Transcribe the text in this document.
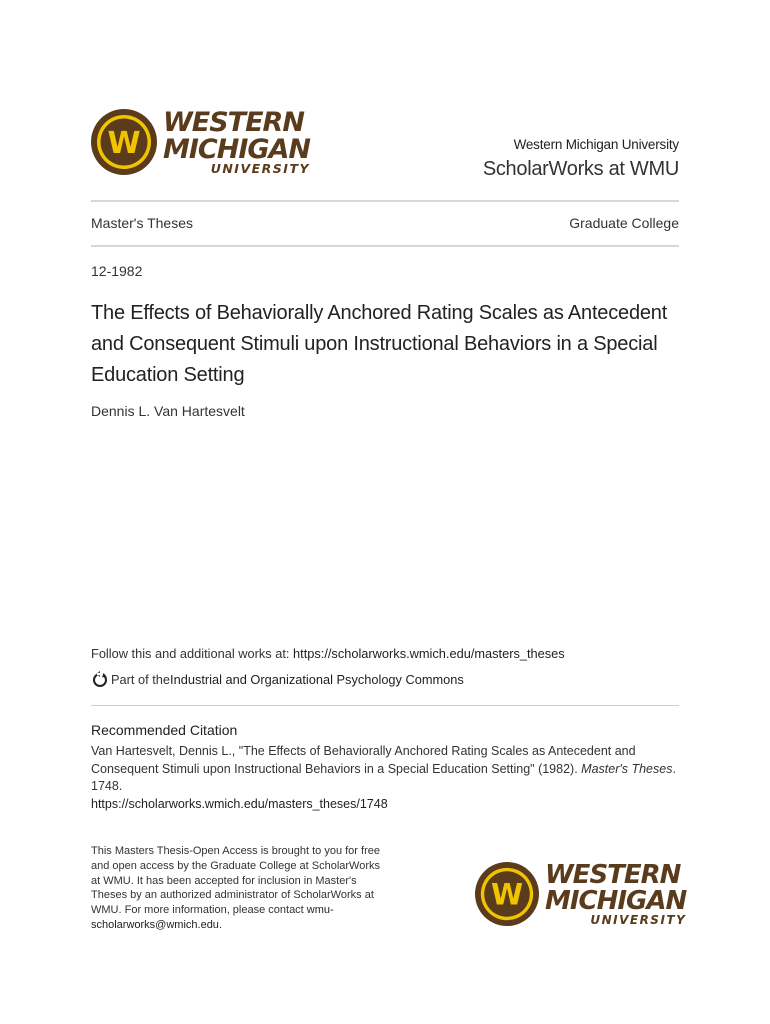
W
WESTERN
MICHIGAN
UNIVERSITY
Western Michigan University
ScholarWorks at WMU
Master's Theses	Graduate College
12-1982
The Effects of Behaviorally Anchored Rating Scales as Antecedent and Consequent Stimuli upon Instructional Behaviors in a Special Education Setting
Dennis L. Van Hartesvelt
Follow this and additional works at: https://scholarworks.wmich.edu/masters_theses
Part of the Industrial and Organizational Psychology Commons
Recommended Citation
Van Hartesvelt, Dennis L., "The Effects of Behaviorally Anchored Rating Scales as Antecedent and Consequent Stimuli upon Instructional Behaviors in a Special Education Setting" (1982). Master's Theses.
1748.
https://scholarworks.wmich.edu/masters_theses/1748
This Masters Thesis-Open Access is brought to you for free and open access by the Graduate College at ScholarWorks at WMU. It has been accepted for inclusion in Master's Theses by an authorized administrator of ScholarWorks at WMU. For more information, please contact wmu-scholarworks@wmich.edu.
W
WESTERN
MICHIGAN
UNIVERSITY
